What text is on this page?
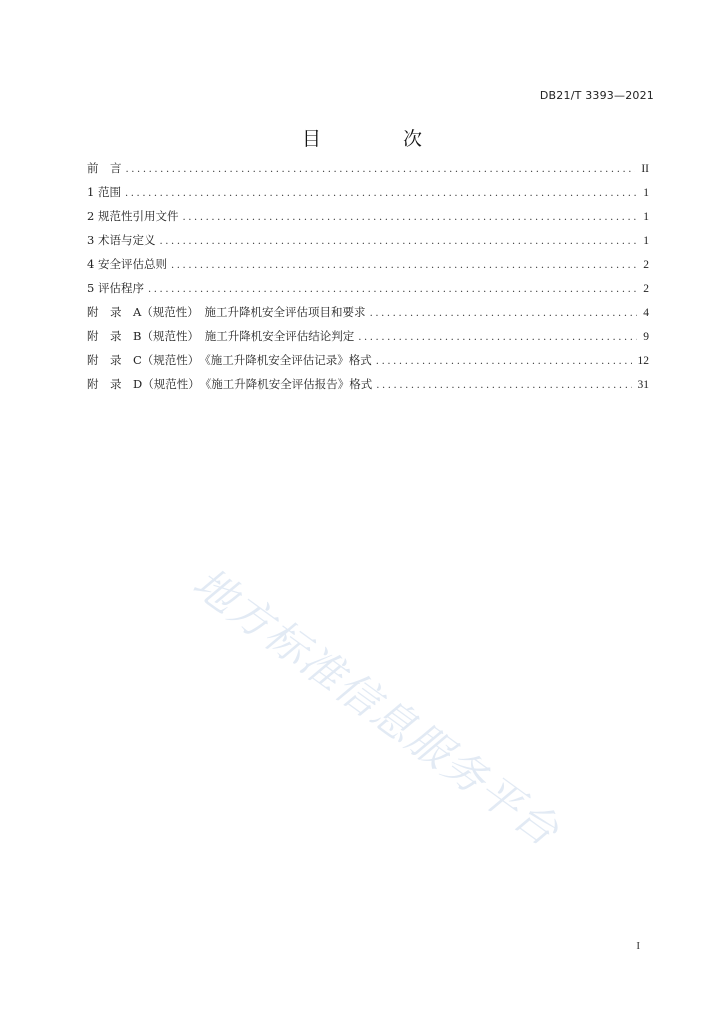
DB21/T 3393—2021
目 次
前　言 .....	II
1 范围 .....	1
2 规范性引用文件 .....	1
3 术语与定义 .....	1
4 安全评估总则 .....	2
5 评估程序 .....	2
附　录　A（规范性）　施工升降机安全评估项目和要求 .....	4
附　录　B（规范性）　施工升降机安全评估结论判定 .....	9
附　录　C（规范性）　《施工升降机安全评估记录》格式 .....	12
附　录　D（规范性）　《施工升降机安全评估报告》格式 .....	31
地方标准信息服务平台
I
